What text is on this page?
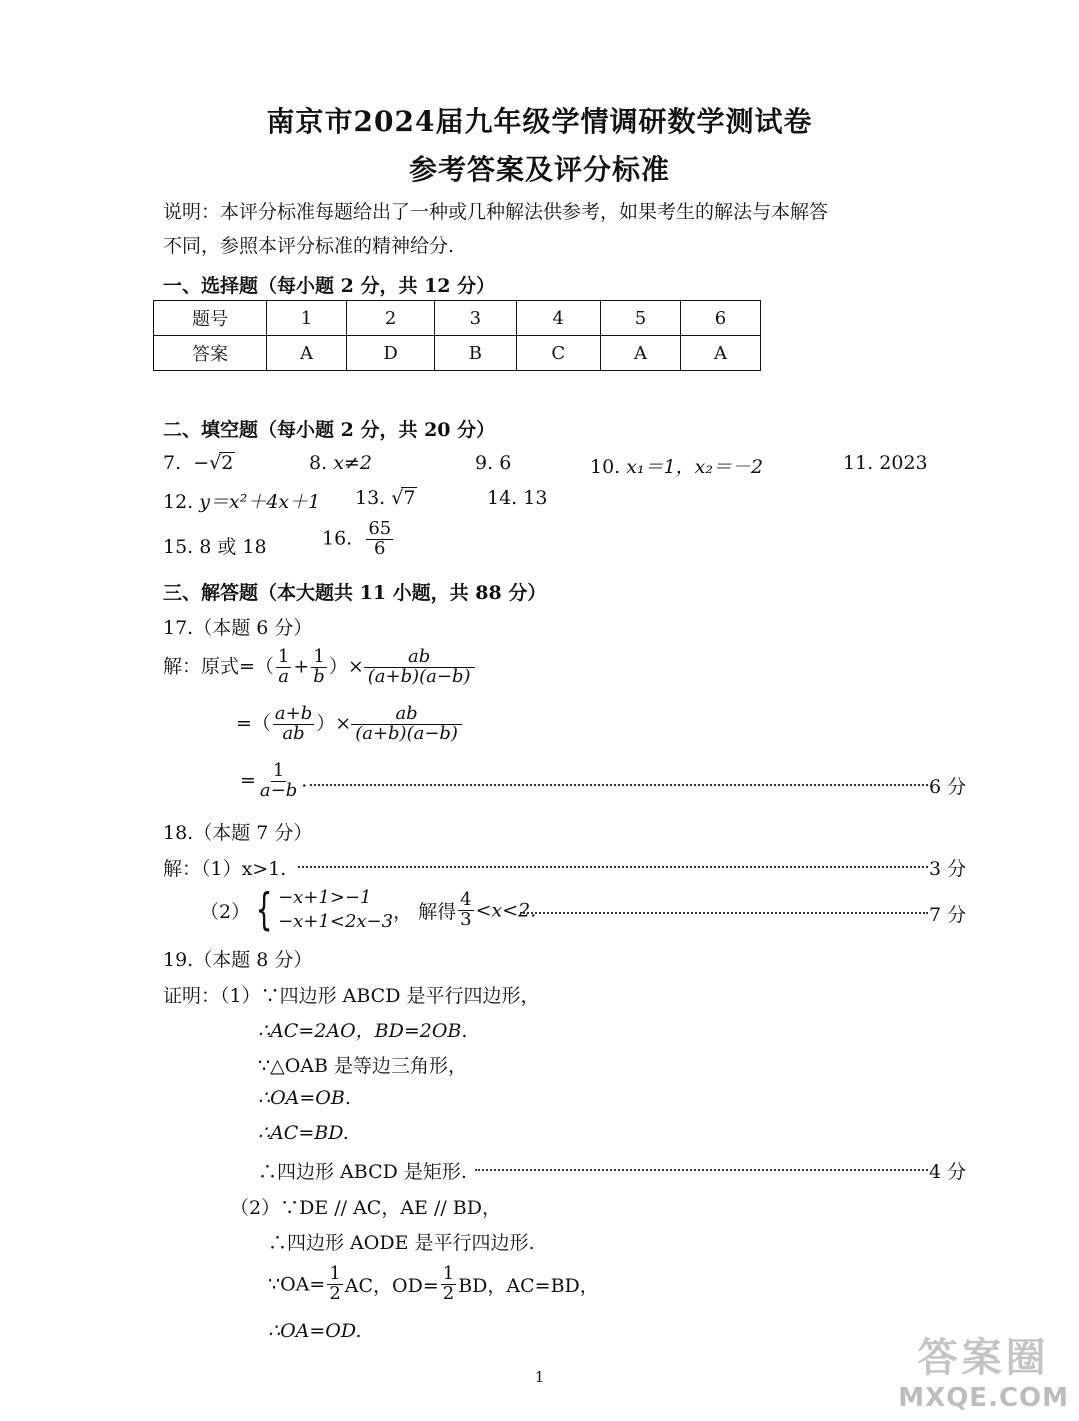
南京市2024届九年级学情调研数学测试卷
参考答案及评分标准
说明：本评分标准每题给出了一种或几种解法供参考，如果考生的解法与本解答
不同，参照本评分标准的精神给分.
一、选择题（每小题 2 分，共 12 分）
题号	1	2	3	4	5	6
答案	A	D	B	C	A	A
二、填空题（每小题 2 分，共 20 分）
7. −√2	8. x≠2	9. 6	10. x₁＝1，x₂＝－2	11. 2023
12. y＝x²＋4x＋1 13. √7	14. 13
15. 8 或 18	16. $\frac{65}{6}$
三、解答题（本大题共 11 小题，共 88 分）
17.（本题 6 分）
解：原式=（ $\frac{1}{a} + \frac{1}{b}$ ）× $\frac{ab}{(a+b)(a-b)}$
=（ $\frac{a+b}{ab}$ ）× $\frac{ab}{(a+b)(a-b)}$
= $\frac{1}{a-b}$ .	6 分
18.（本题 7 分）
解：（1）x>1.	3 分
（2） { −x+1>−1
−x+1<2x−3 ， 解得 $\frac{4}{3} <x<2$.	7 分
19.（本题 8 分）
证明：（1）∵四边形 ABCD 是平行四边形，
∴AC=2AO，BD=2OB.
∵△OAB 是等边三角形，
∴OA=OB.
∴AC=BD.
∴四边形 ABCD 是矩形.	4 分
（2）∵DE // AC，AE // BD，
∴四边形 AODE 是平行四边形.
∵OA= $\frac{1}{2}$ AC，$OD= \frac{1}{2}$ BD，AC=BD，
∴OA=OD.
1	答案圈
MXQE.COM
